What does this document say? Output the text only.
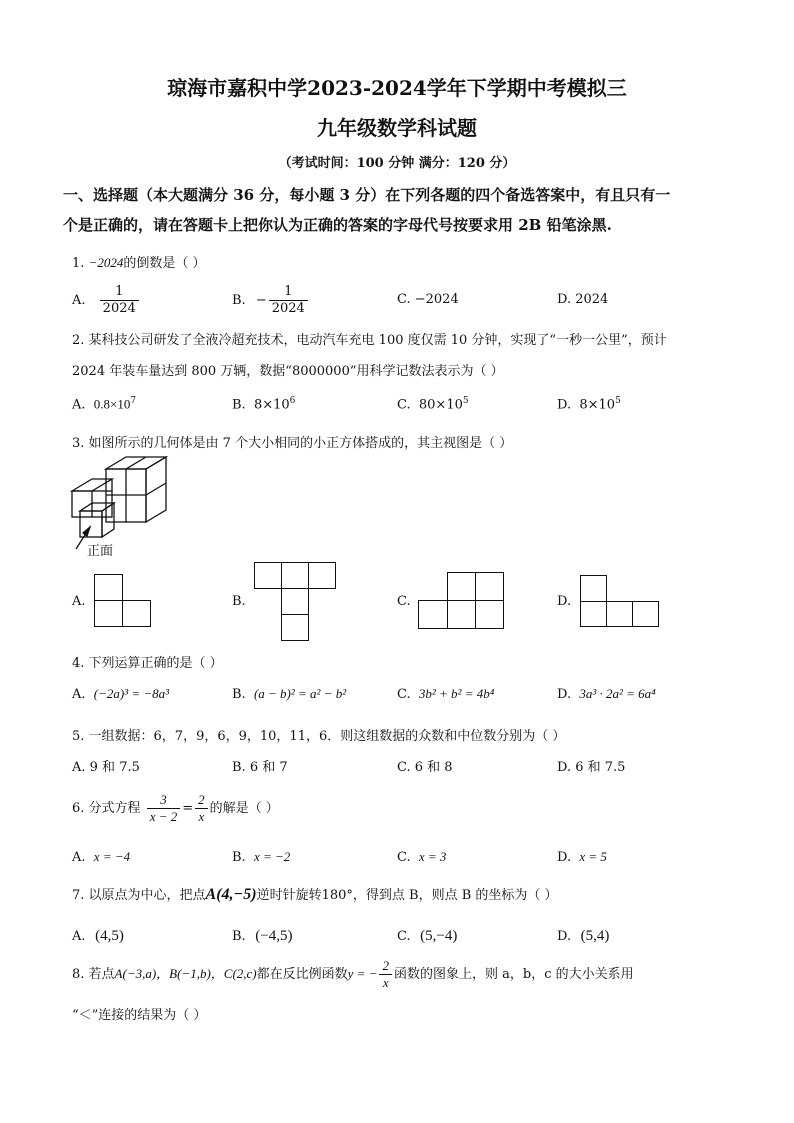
琼海市嘉积中学2023-2024学年下学期中考模拟三
九年级数学科试题
（考试时间：100 分钟 满分：120 分）
一、选择题（本大题满分 36 分，每小题 3 分）在下列各题的四个备选答案中，有且只有一
个是正确的，请在答题卡上把你认为正确的答案的字母代号按要求用 2B 铅笔涂黑.
1. −2024的倒数是（ ）
A. $\frac{1}{2024}$	B. − $\frac{1}{2024}$	C. −2024	D. 2024
2. 某科技公司研发了全液冷超充技术，电动汽车充电 100 度仅需 10 分钟，实现了“一秒一公里”，预计
2024 年装车量达到 800 万辆，数据“8000000”用科学记数法表示为（ ）
A. $0.8\times 10^7$	B. $8\times 10^6$	C. $80\times 10^5$	D. $8\times 10^5$
3. 如图所示的几何体是由 7 个大小相同的小正方体搭成的，其主视图是（ ）
正面
A.	B.	C.	D.
4. 下列运算正确的是（ ）
A. (−2a)³ = −8a³	B. (a − b)² = a² − b²	C. 3b² + b² = 4b⁴	D. 3a³ · 2a² = 6a⁴
5. 一组数据：6，7，9，6，9，10，11，6．则这组数据的众数和中位数分别为（ ）
A. 9 和 7.5	B. 6 和 7	C. 6 和 8	D. 6 和 7.5
6. 分式方程 $\frac{3}{x - 2} = \frac{2}{x}$ 的解是（ ）
A. x = −4	B. x = −2	C. x = 3	D. x = 5
7. 以原点为中心，把点A(4,−5)逆时针旋转180°，得到点 B，则点 B 的坐标为（ ）
A. (4,5)	B. (−4,5)	C. (5,−4)	D. (5,4)
8. 若点A(−3,a)，B(−1,b)，C(2,c)都在反比例函数y = − $\frac{2}{x}$ 函数的图象上，则 a，b，c 的大小关系用
“＜”连接的结果为（ ）
